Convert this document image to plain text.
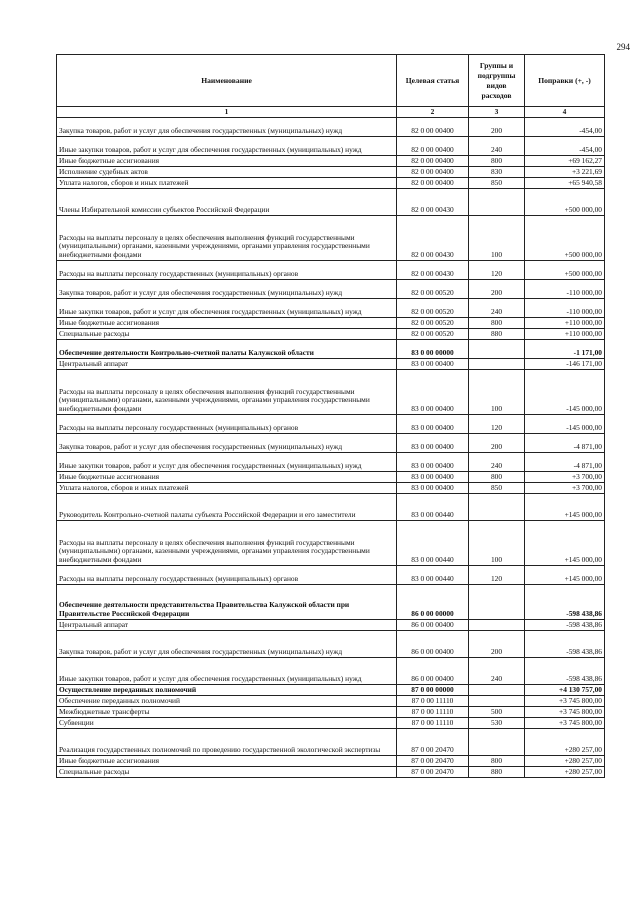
294
Наименование	Целевая статья	Группы и подгруппы видов расходов	Поправки (+, -)
1	2	3	4
Закупка товаров, работ и услуг для обеспечения государственных (муниципальных) нужд	82 0 00 00400	200	-454,00
Иные закупки товаров, работ и услуг для обеспечения государственных (муниципальных) нужд	82 0 00 00400	240	-454,00
Иные бюджетные ассигнования	82 0 00 00400	800	+69 162,27
Исполнение судебных актов	82 0 00 00400	830	+3 221,69
Уплата налогов, сборов и иных платежей	82 0 00 00400	850	+65 940,58
Члены Избирательной комиссии субъектов Российской Федерации	82 0 00 00430		+500 000,00
Расходы на выплаты персоналу в целях обеспечения выполнения функций государственными (муниципальными) органами, казенными учреждениями, органами управления государственными внебюджетными фондами	82 0 00 00430	100	+500 000,00
Расходы на выплаты персоналу государственных (муниципальных) органов	82 0 00 00430	120	+500 000,00
Закупка товаров, работ и услуг для обеспечения государственных (муниципальных) нужд	82 0 00 00520	200	-110 000,00
Иные закупки товаров, работ и услуг для обеспечения государственных (муниципальных) нужд	82 0 00 00520	240	-110 000,00
Иные бюджетные ассигнования	82 0 00 00520	800	+110 000,00
Специальные расходы	82 0 00 00520	880	+110 000,00
Обеспечение деятельности Контрольно-счетной палаты Калужской области	83 0 00 00000		-1 171,00
Центральный аппарат	83 0 00 00400		-146 171,00
Расходы на выплаты персоналу в целях обеспечения выполнения функций государственными (муниципальными) органами, казенными учреждениями, органами управления государственными внебюджетными фондами	83 0 00 00400	100	-145 000,00
Расходы на выплаты персоналу государственных (муниципальных) органов	83 0 00 00400	120	-145 000,00
Закупка товаров, работ и услуг для обеспечения государственных (муниципальных) нужд	83 0 00 00400	200	-4 871,00
Иные закупки товаров, работ и услуг для обеспечения государственных (муниципальных) нужд	83 0 00 00400	240	-4 871,00
Иные бюджетные ассигнования	83 0 00 00400	800	+3 700,00
Уплата налогов, сборов и иных платежей	83 0 00 00400	850	+3 700,00
Руководитель Контрольно-счетной палаты субъекта Российской Федерации и его заместители	83 0 00 00440		+145 000,00
Расходы на выплаты персоналу в целях обеспечения выполнения функций государственными (муниципальными) органами, казенными учреждениями, органами управления государственными внебюджетными фондами	83 0 00 00440	100	+145 000,00
Расходы на выплаты персоналу государственных (муниципальных) органов	83 0 00 00440	120	+145 000,00
Обеспечение деятельности представительства Правительства Калужской области при Правительстве Российской Федерации	86 0 00 00000		-598 438,86
Центральный аппарат	86 0 00 00400		-598 438,86
Закупка товаров, работ и услуг для обеспечения государственных (муниципальных) нужд	86 0 00 00400	200	-598 438,86
Иные закупки товаров, работ и услуг для обеспечения государственных (муниципальных) нужд	86 0 00 00400	240	-598 438,86
Осуществление переданных полномочий	87 0 00 00000		+4 130 757,00
Обеспечение переданных полномочий	87 0 00 11110		+3 745 800,00
Межбюджетные трансферты	87 0 00 11110	500	+3 745 800,00
Субвенции	87 0 00 11110	530	+3 745 800,00
Реализация государственных полномочий по проведению государственной экологической экспертизы	87 0 00 20470		+280 257,00
Иные бюджетные ассигнования	87 0 00 20470	800	+280 257,00
Специальные расходы	87 0 00 20470	880	+280 257,00
